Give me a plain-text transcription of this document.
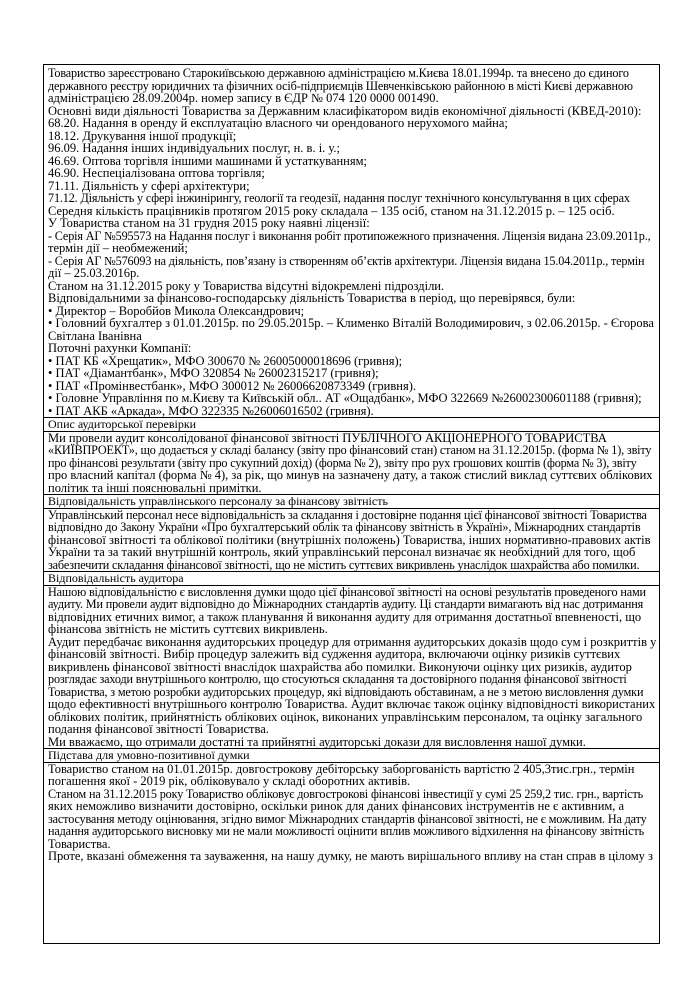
Товариство зареєстровано Старокиївською державною адміністрацією м.Києва 18.01.1994р. та внесено до єдиного

державного реєстру юридичних та фізичних осіб-підприємців Шевченківською районною в місті Києві державною

адміністрацією 28.09.2004р. номер запису в ЄДР № 074 120 0000 001490.

Основні види діяльності Товариства за Державним класифікатором видів економічної діяльності (КВЕД-2010):

68.20. Надання в оренду й експлуатацію власного чи орендованого нерухомого майна;

18.12. Друкування іншої продукції;

96.09. Надання інших індивідуальних послуг, н. в. і. у.;

46.69. Оптова торгівля іншими машинами й устаткуванням;

46.90. Неспеціалізована оптова торгівля;

71.11. Діяльність у сфері архітектури;

71.12. Діяльність у сфері інжинірингу, геології та геодезії, надання послуг технічного консультування в цих сферах

Середня кількість працівників протягом 2015 року складала – 135 осіб, станом на 31.12.2015 р. – 125 осіб.

У Товариства станом на 31 грудня 2015 року наявні ліцензії:

- Серія АГ №595573 на Надання послуг і виконання робіт протипожежного призначення. Ліцензія видана 23.09.2011р.,

термін дії – необмежений;

- Серія АГ №576093 на діяльність, пов’язану із створенням об’єктів архітектури. Ліцензія видана 15.04.2011р., термін

дії – 25.03.2016р.

Станом на 31.12.2015 року у Товариства відсутні відокремлені підрозділи.

Відповідальними за фінансово-господарську діяльність Товариства в період, що перевірявся, були:

• Директор – Воробйов Микола Олександрович;

• Головний бухгалтер з 01.01.2015р. по 29.05.2015р. – Клименко Віталій Володимирович, з 02.06.2015р. - Єгорова

Світлана Іванівна

Поточні рахунки Компанії:

• ПАТ КБ «Хрещатик», МФО 300670 № 26005000018696 (гривня);

• ПАТ «Діамантбанк», МФО 320854 № 26002315217 (гривня);

• ПАТ «Промінвестбанк», МФО 300012 № 26006620873349 (гривня).

• Головне Управління по м.Києву та Київській обл.. АТ «Ощадбанк», МФО 322669 №26002300601188 (гривня);

• ПАТ АКБ «Аркада», МФО 322335 №26006016502 (гривня).

Опис аудиторської перевірки

Ми провели аудит консолідованої фінансової звітності ПУБЛІЧНОГО АКЦІОНЕРНОГО ТОВАРИСТВА

«КИЇВПРОЕКТ», що додається у складі балансу (звіту про фінансовий стан) станом на 31.12.2015р. (форма № 1), звіту

про фінансові результати (звіту про сукупний дохід) (форма № 2), звіту про рух грошових коштів (форма № 3), звіту

про власний капітал (форма № 4), за рік, що минув на зазначену дату, а також стислий виклад суттєвих облікових

політик та інші пояснювальні примітки.

Відповідальність управлінського персоналу за фінансову звітність

Управлінський персонал несе відповідальність за складання і достовірне подання цієї фінансової звітності Товариства

відповідно до Закону України «Про бухгалтерський облік та фінансову звітність в Україні», Міжнародних стандартів

фінансової звітності та облікової політики (внутрішніх положень) Товариства, інших нормативно-правових актів

України та за такий внутрішній контроль, який управлінський персонал визначає як необхідний для того, щоб

забезпечити складання фінансової звітності, що не містить суттєвих викривлень унаслідок шахрайства або помилки.

Відповідальність аудитора

Нашою відповідальністю є висловлення думки щодо цієї фінансової звітності на основі результатів проведеного нами

аудиту. Ми провели аудит відповідно до Міжнародних стандартів аудиту. Ці стандарти вимагають від нас дотримання

відповідних етичних вимог, а також планування й виконання аудиту для отримання достатньої впевненості, що

фінансова звітність не містить суттєвих викривлень.

Аудит передбачає виконання аудиторських процедур для отримання аудиторських доказів щодо сум і розкриттів у

фінансовій звітності. Вибір процедур залежить від судження аудитора, включаючи оцінку ризиків суттєвих

викривлень фінансової звітності внаслідок шахрайства або помилки. Виконуючи оцінку цих ризиків, аудитор

розглядає заходи внутрішнього контролю, що стосуються складання та достовірного подання фінансової звітності

Товариства, з метою розробки аудиторських процедур, які відповідають обставинам, а не з метою висловлення думки

щодо ефективності внутрішнього контролю Товариства. Аудит включає також оцінку відповідності використаних

облікових політик, прийнятність облікових оцінок, виконаних управлінським персоналом, та оцінку загального

подання фінансової звітності Товариства.

Ми вважаємо, що отримали достатні та прийнятні аудиторські докази для висловлення нашої думки.

Підстава для умовно-позитивної думки

Товариство станом на 01.01.2015р. довгострокову дебіторську заборгованість вартістю 2 405,3тис.грн., термін

погашення якої - 2019 рік, обліковувало у складі оборотних активів.

Станом на 31.12.2015 року Товариство обліковує довгострокові фінансові інвестиції у сумі 25 259,2 тис. грн., вартість

яких неможливо визначити достовірно, оскільки ринок для даних фінансових інструментів не є активним, а

застосування методу оцінювання, згідно вимог Міжнародних стандартів фінансової звітності, не є можливим. На дату

надання аудиторського висновку ми не мали можливості оцінити вплив можливого відхилення на фінансову звітність

Товариства.

Проте, вказані обмеження та зауваження, на нашу думку, не мають вирішального впливу на стан справ в цілому з
